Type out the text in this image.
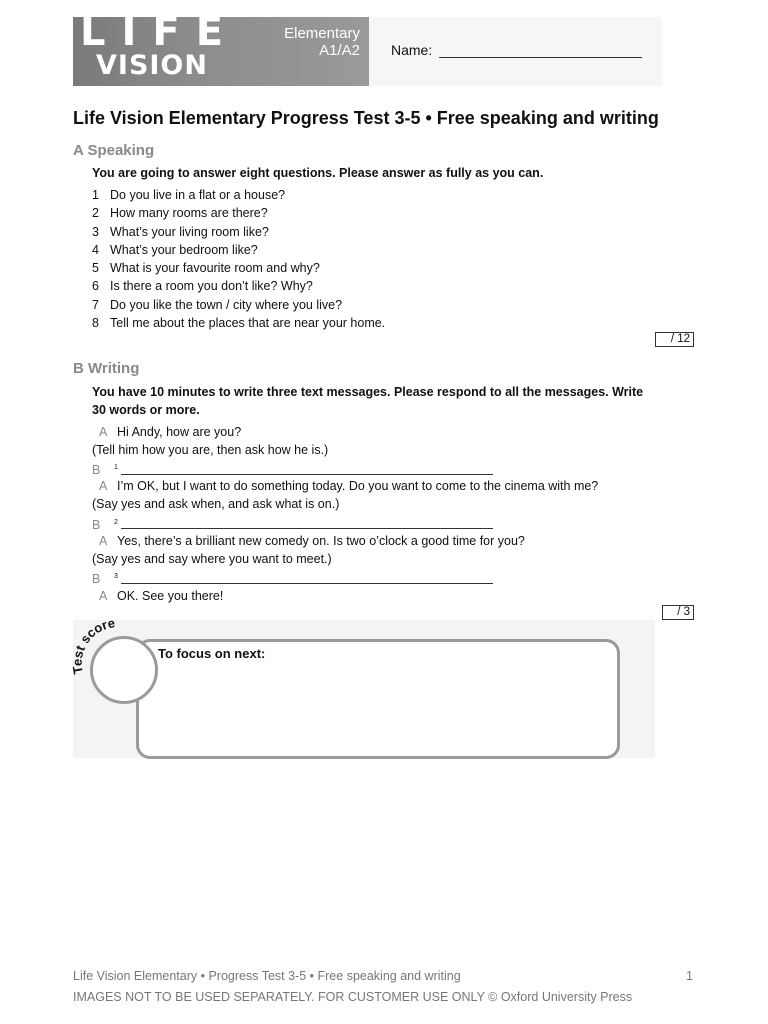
LIFE
VISION
Elementary
A1/A2 Name:
Life Vision Elementary Progress Test 3-5 • Free speaking and writing
A Speaking
You are going to answer eight questions. Please answer as fully as you can.
1 Do you live in a flat or a house?
2 How many rooms are there?
3 What’s your living room like?
4 What’s your bedroom like?
5 What is your favourite room and why?
6 Is there a room you don’t like? Why?
7 Do you like the town / city where you live?
8 Tell me about the places that are near your home.
/ 12
B Writing
You have 10 minutes to write three text messages. Please respond to all the messages. Write
30 words or more.
A Hi Andy, how are you?
(Tell him how you are, then ask how he is.)
B $^1$
A I’m OK, but I want to do something today. Do you want to come to the cinema with me?
(Say yes and ask when, and ask what is on.)
B $^2$
A Yes, there’s a brilliant new comedy on. Is two o’clock a good time for you?
(Say yes and say where you want to meet.)
B $^3$
A OK. See you there!
/ 3
Test score
To focus on next:
Life Vision Elementary • Progress Test 3-5 • Free speaking and writing	1
IMAGES NOT TO BE USED SEPARATELY. FOR CUSTOMER USE ONLY © Oxford University Press
